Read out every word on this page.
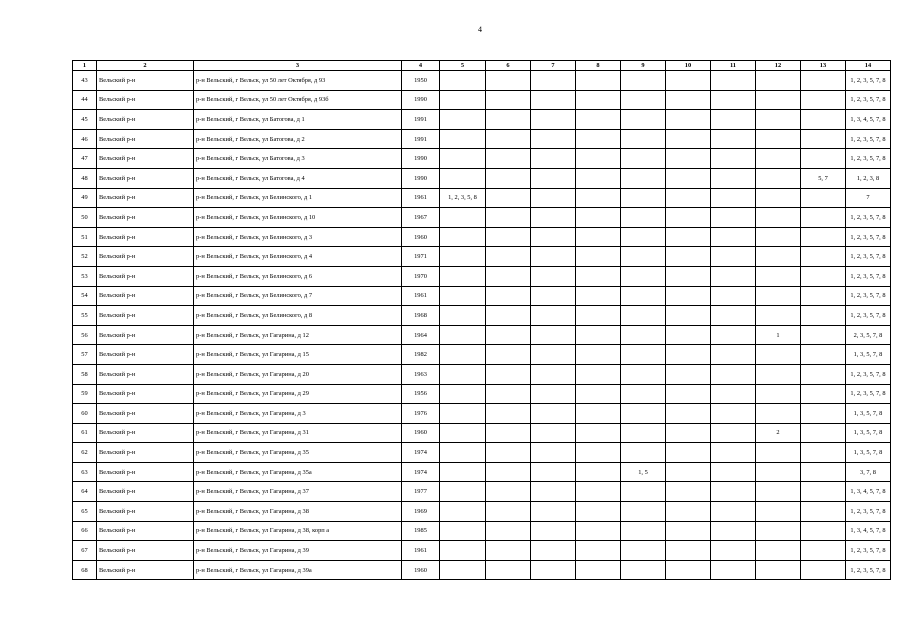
4
1	2	3	4	5	6	7	8	9	10	11	12	13	14
43	Вельский р-н	р-н Вельский, г Вельск, ул 50 лет Октября, д 93	1950										1, 2, 3, 5, 7, 8
44	Вельский р-н	р-н Вельский, г Вельск, ул 50 лет Октября, д 93б	1990										1, 2, 3, 5, 7, 8
45	Вельский р-н	р-н Вельский, г Вельск, ул Батогова, д 1	1991										1, 3, 4, 5, 7, 8
46	Вельский р-н	р-н Вельский, г Вельск, ул Батогова, д 2	1991										1, 2, 3, 5, 7, 8
47	Вельский р-н	р-н Вельский, г Вельск, ул Батогова, д 3	1990										1, 2, 3, 5, 7, 8
48	Вельский р-н	р-н Вельский, г Вельск, ул Батогова, д 4	1990									5, 7	1, 2, 3, 8
49	Вельский р-н	р-н Вельский, г Вельск, ул Белинского, д 1	1961	1, 2, 3, 5, 8									7
50	Вельский р-н	р-н Вельский, г Вельск, ул Белинского, д 10	1967										1, 2, 3, 5, 7, 8
51	Вельский р-н	р-н Вельский, г Вельск, ул Белинского, д 3	1960										1, 2, 3, 5, 7, 8
52	Вельский р-н	р-н Вельский, г Вельск, ул Белинского, д 4	1971										1, 2, 3, 5, 7, 8
53	Вельский р-н	р-н Вельский, г Вельск, ул Белинского, д 6	1970										1, 2, 3, 5, 7, 8
54	Вельский р-н	р-н Вельский, г Вельск, ул Белинского, д 7	1961										1, 2, 3, 5, 7, 8
55	Вельский р-н	р-н Вельский, г Вельск, ул Белинского, д 8	1968										1, 2, 3, 5, 7, 8
56	Вельский р-н	р-н Вельский, г Вельск, ул Гагарина, д 12	1964								1		2, 3, 5, 7, 8
57	Вельский р-н	р-н Вельский, г Вельск, ул Гагарина, д 15	1982										1, 3, 5, 7, 8
58	Вельский р-н	р-н Вельский, г Вельск, ул Гагарина, д 20	1963										1, 2, 3, 5, 7, 8
59	Вельский р-н	р-н Вельский, г Вельск, ул Гагарина, д 29	1956										1, 2, 3, 5, 7, 8
60	Вельский р-н	р-н Вельский, г Вельск, ул Гагарина, д 3	1976										1, 3, 5, 7, 8
61	Вельский р-н	р-н Вельский, г Вельск, ул Гагарина, д 31	1960								2		1, 3, 5, 7, 8
62	Вельский р-н	р-н Вельский, г Вельск, ул Гагарина, д 35	1974										1, 3, 5, 7, 8
63	Вельский р-н	р-н Вельский, г Вельск, ул Гагарина, д 35а	1974					1, 5					3, 7, 8
64	Вельский р-н	р-н Вельский, г Вельск, ул Гагарина, д 37	1977										1, 3, 4, 5, 7, 8
65	Вельский р-н	р-н Вельский, г Вельск, ул Гагарина, д 38	1969										1, 2, 3, 5, 7, 8
66	Вельский р-н	р-н Вельский, г Вельск, ул Гагарина, д 38, корп а	1985										1, 3, 4, 5, 7, 8
67	Вельский р-н	р-н Вельский, г Вельск, ул Гагарина, д 39	1961										1, 2, 3, 5, 7, 8
68	Вельский р-н	р-н Вельский, г Вельск, ул Гагарина, д 39а	1960										1, 2, 3, 5, 7, 8
